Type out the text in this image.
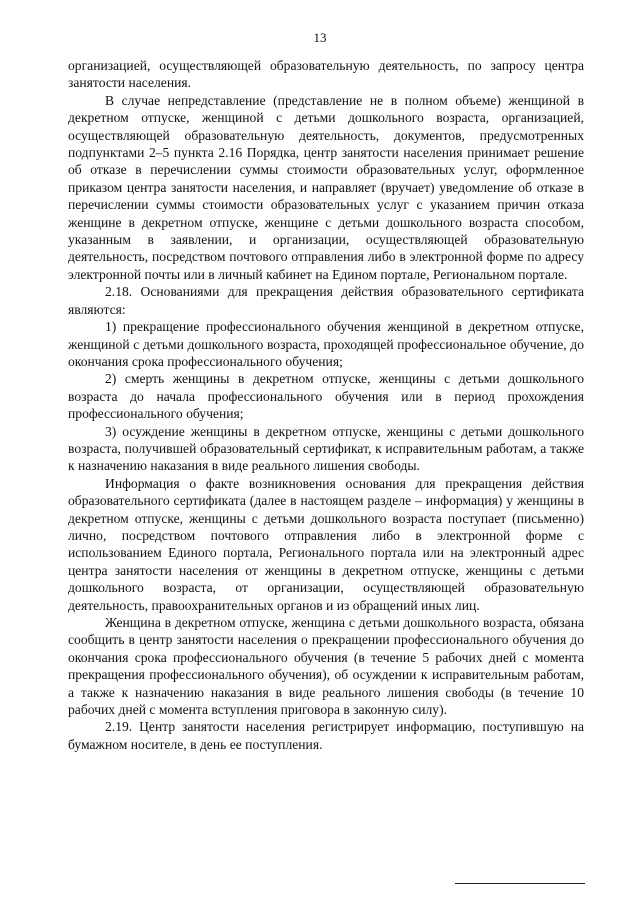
13

организацией, осуществляющей образовательную деятельность, по запросу центра занятости населения.

В случае непредставление (представление не в полном объеме) женщиной в декретном отпуске, женщиной с детьми дошкольного возраста, организацией, осуществляющей образовательную деятельность, документов, предусмотренных подпунктами 2–5 пункта 2.16 Порядка, центр занятости населения принимает решение об отказе в перечислении суммы стоимости образовательных услуг, оформленное приказом центра занятости населения, и направляет (вручает) уведомление об отказе в перечислении суммы стоимости образовательных услуг с указанием причин отказа женщине в декретном отпуске, женщине с детьми дошкольного возраста способом, указанным в заявлении, и организации, осуществляющей образовательную деятельность, посредством почтового отправления либо в электронной форме по адресу электронной почты или в личный кабинет на Едином портале, Региональном портале.

2.18. Основаниями для прекращения действия образовательного сертификата являются:

1) прекращение профессионального обучения женщиной в декретном отпуске, женщиной с детьми дошкольного возраста, проходящей профессиональное обучение, до окончания срока профессионального обучения;

2) смерть женщины в декретном отпуске, женщины с детьми дошкольного возраста до начала профессионального обучения или в период прохождения профессионального обучения;

3) осуждение женщины в декретном отпуске, женщины с детьми дошкольного возраста, получившей образовательный сертификат, к исправительным работам, а также к назначению наказания в виде реального лишения свободы.

Информация о факте возникновения основания для прекращения действия образовательного сертификата (далее в настоящем разделе – информация) у женщины в декретном отпуске, женщины с детьми дошкольного возраста поступает (письменно) лично, посредством почтового отправления либо в электронной форме с использованием Единого портала, Регионального портала или на электронный адрес центра занятости населения от женщины в декретном отпуске, женщины с детьми дошкольного возраста, от организации, осуществляющей образовательную деятельность, правоохранительных органов и из обращений иных лиц.

Женщина в декретном отпуске, женщина с детьми дошкольного возраста, обязана сообщить в центр занятости населения о прекращении профессионального обучения до окончания срока профессионального обучения (в течение 5 рабочих дней с момента прекращения профессионального обучения), об осуждении к исправительным работам, а также к назначению наказания в виде реального лишения свободы (в течение 10 рабочих дней с момента вступления приговора в законную силу).

2.19. Центр занятости населения регистрирует информацию, поступившую на бумажном носителе, в день ее поступления.
